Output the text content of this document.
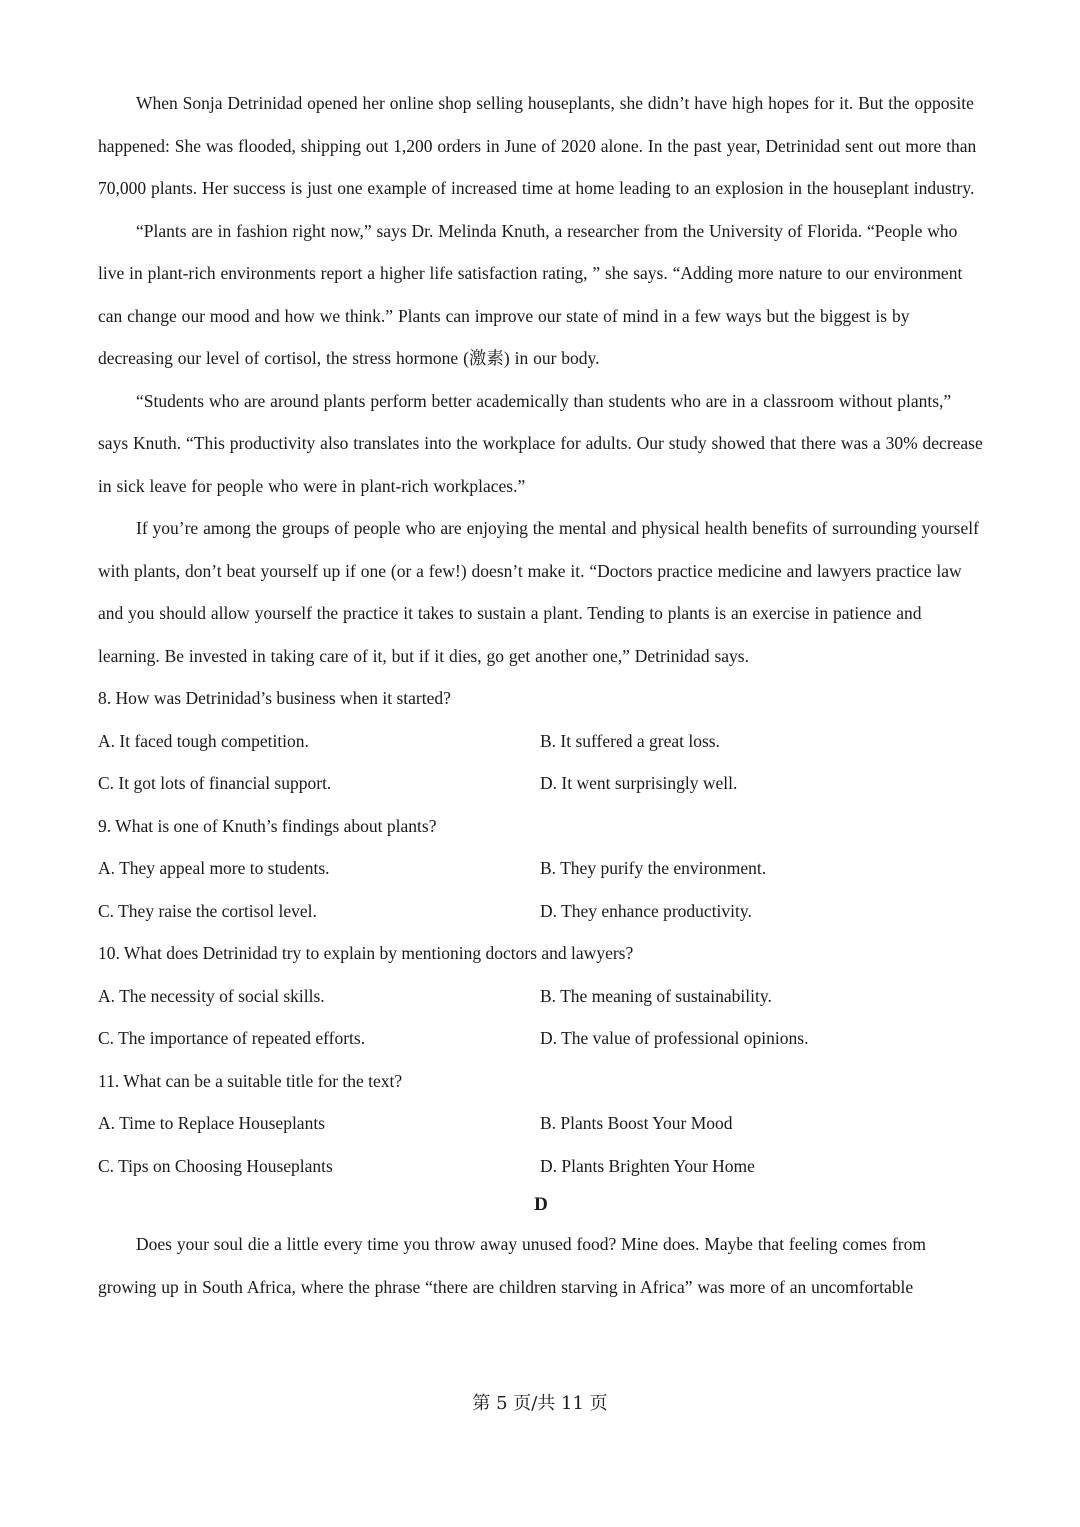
When Sonja Detrinidad opened her online shop selling houseplants, she didn’t have high hopes for it. But the opposite happened: She was flooded, shipping out 1,200 orders in June of 2020 alone. In the past year, Detrinidad sent out more than 70,000 plants. Her success is just one example of increased time at home leading to an explosion in the houseplant industry.

“Plants are in fashion right now,” says Dr. Melinda Knuth, a researcher from the University of Florida. “People who live in plant-rich environments report a higher life satisfaction rating, ” she says. “Adding more nature to our environment can change our mood and how we think.” Plants can improve our state of mind in a few ways but the biggest is by decreasing our level of cortisol, the stress hormone (激素) in our body.

“Students who are around plants perform better academically than students who are in a classroom without plants,” says Knuth. “This productivity also translates into the workplace for adults. Our study showed that there was a 30% decrease in sick leave for people who were in plant-rich workplaces.”

If you’re among the groups of people who are enjoying the mental and physical health benefits of surrounding yourself with plants, don’t beat yourself up if one (or a few!) doesn’t make it. “Doctors practice medicine and lawyers practice law and you should allow yourself the practice it takes to sustain a plant. Tending to plants is an exercise in patience and learning. Be invested in taking care of it, but if it dies, go get another one,” Detrinidad says.

8. How was Detrinidad’s business when it started?

A. It faced tough competition.	B. It suffered a great loss.

C. It got lots of financial support.	D. It went surprisingly well.

9. What is one of Knuth’s findings about plants?

A. They appeal more to students.	B. They purify the environment.

C. They raise the cortisol level.	D. They enhance productivity.

10. What does Detrinidad try to explain by mentioning doctors and lawyers?

A. The necessity of social skills.	B. The meaning of sustainability.

C. The importance of repeated efforts.	D. The value of professional opinions.

11. What can be a suitable title for the text?

A. Time to Replace Houseplants	B. Plants Boost Your Mood

C. Tips on Choosing Houseplants	D. Plants Brighten Your Home

D

Does your soul die a little every time you throw away unused food? Mine does. Maybe that feeling comes from growing up in South Africa, where the phrase “there are children starving in Africa” was more of an uncomfortable

第 5 页/共 11 页
